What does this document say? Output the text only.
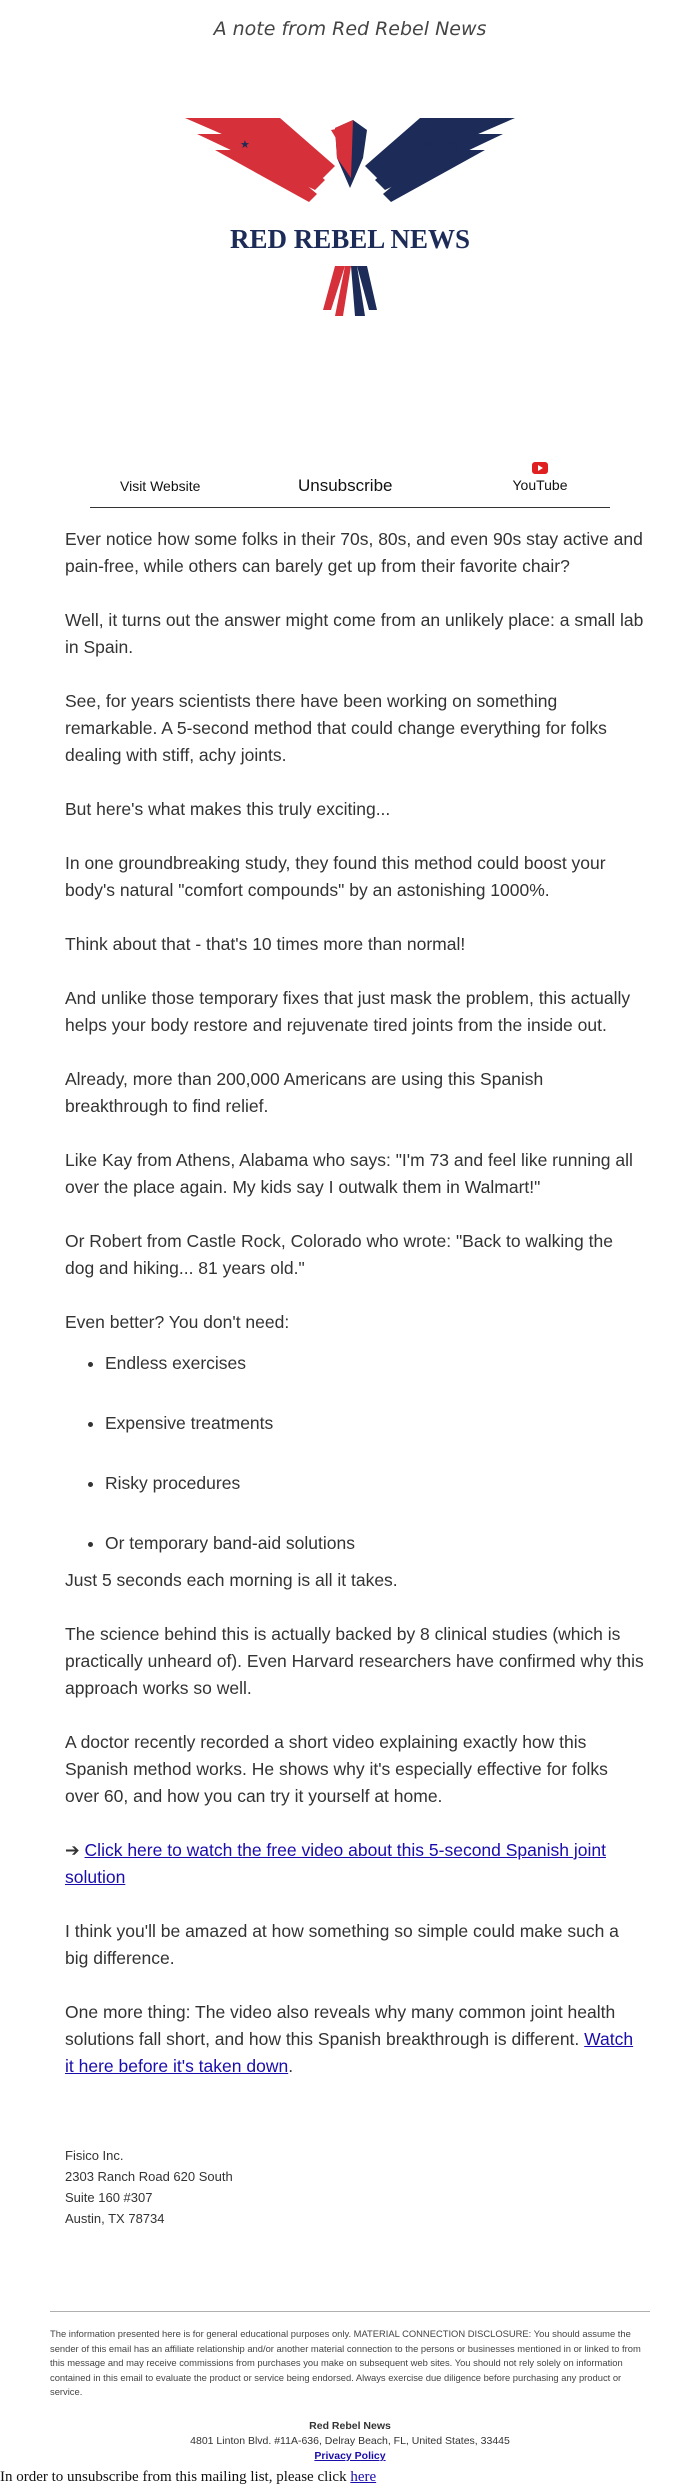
A note from Red Rebel News
★ ★	★ ★
RED REBEL NEWS
Visit Website	Unsubscribe	YouTube

Ever notice how some folks in their 70s, 80s, and even 90s stay active and pain-free, while others can barely get up from their favorite chair?

Well, it turns out the answer might come from an unlikely place: a small lab in Spain.

See, for years scientists there have been working on something remarkable. A 5-second method that could change everything for folks dealing with stiff, achy joints.

But here's what makes this truly exciting...

In one groundbreaking study, they found this method could boost your body's natural "comfort compounds" by an astonishing 1000%.

Think about that - that's 10 times more than normal!

And unlike those temporary fixes that just mask the problem, this actually helps your body restore and rejuvenate tired joints from the inside out.

Already, more than 200,000 Americans are using this Spanish breakthrough to find relief.

Like Kay from Athens, Alabama who says: "I'm 73 and feel like running all over the place again. My kids say I outwalk them in Walmart!"

Or Robert from Castle Rock, Colorado who wrote: "Back to walking the dog and hiking... 81 years old."

Even better? You don't need:

• Endless exercises
• Expensive treatments
• Risky procedures
• Or temporary band-aid solutions

Just 5 seconds each morning is all it takes.

The science behind this is actually backed by 8 clinical studies (which is practically unheard of). Even Harvard researchers have confirmed why this approach works so well.

A doctor recently recorded a short video explaining exactly how this Spanish method works. He shows why it's especially effective for folks over 60, and how you can try it yourself at home.

➔ Click here to watch the free video about this 5-second Spanish joint solution

I think you'll be amazed at how something so simple could make such a big difference.

One more thing: The video also reveals why many common joint health solutions fall short, and how this Spanish breakthrough is different. Watch it here before it's taken down.

Fisico Inc.
2303 Ranch Road 620 South
Suite 160 #307
Austin, TX 78734
The information presented here is for general educational purposes only. MATERIAL CONNECTION DISCLOSURE: You should assume the sender of this email has an affiliate relationship and/or another material connection to the persons or businesses mentioned in or linked to from this message and may receive commissions from purchases you make on subsequent web sites. You should not rely solely on information contained in this email to evaluate the product or service being endorsed. Always exercise due diligence before purchasing any product or service.
Red Rebel News
4801 Linton Blvd. #11A-636, Delray Beach, FL, United States, 33445
Privacy Policy
In order to unsubscribe from this mailing list, please click here
